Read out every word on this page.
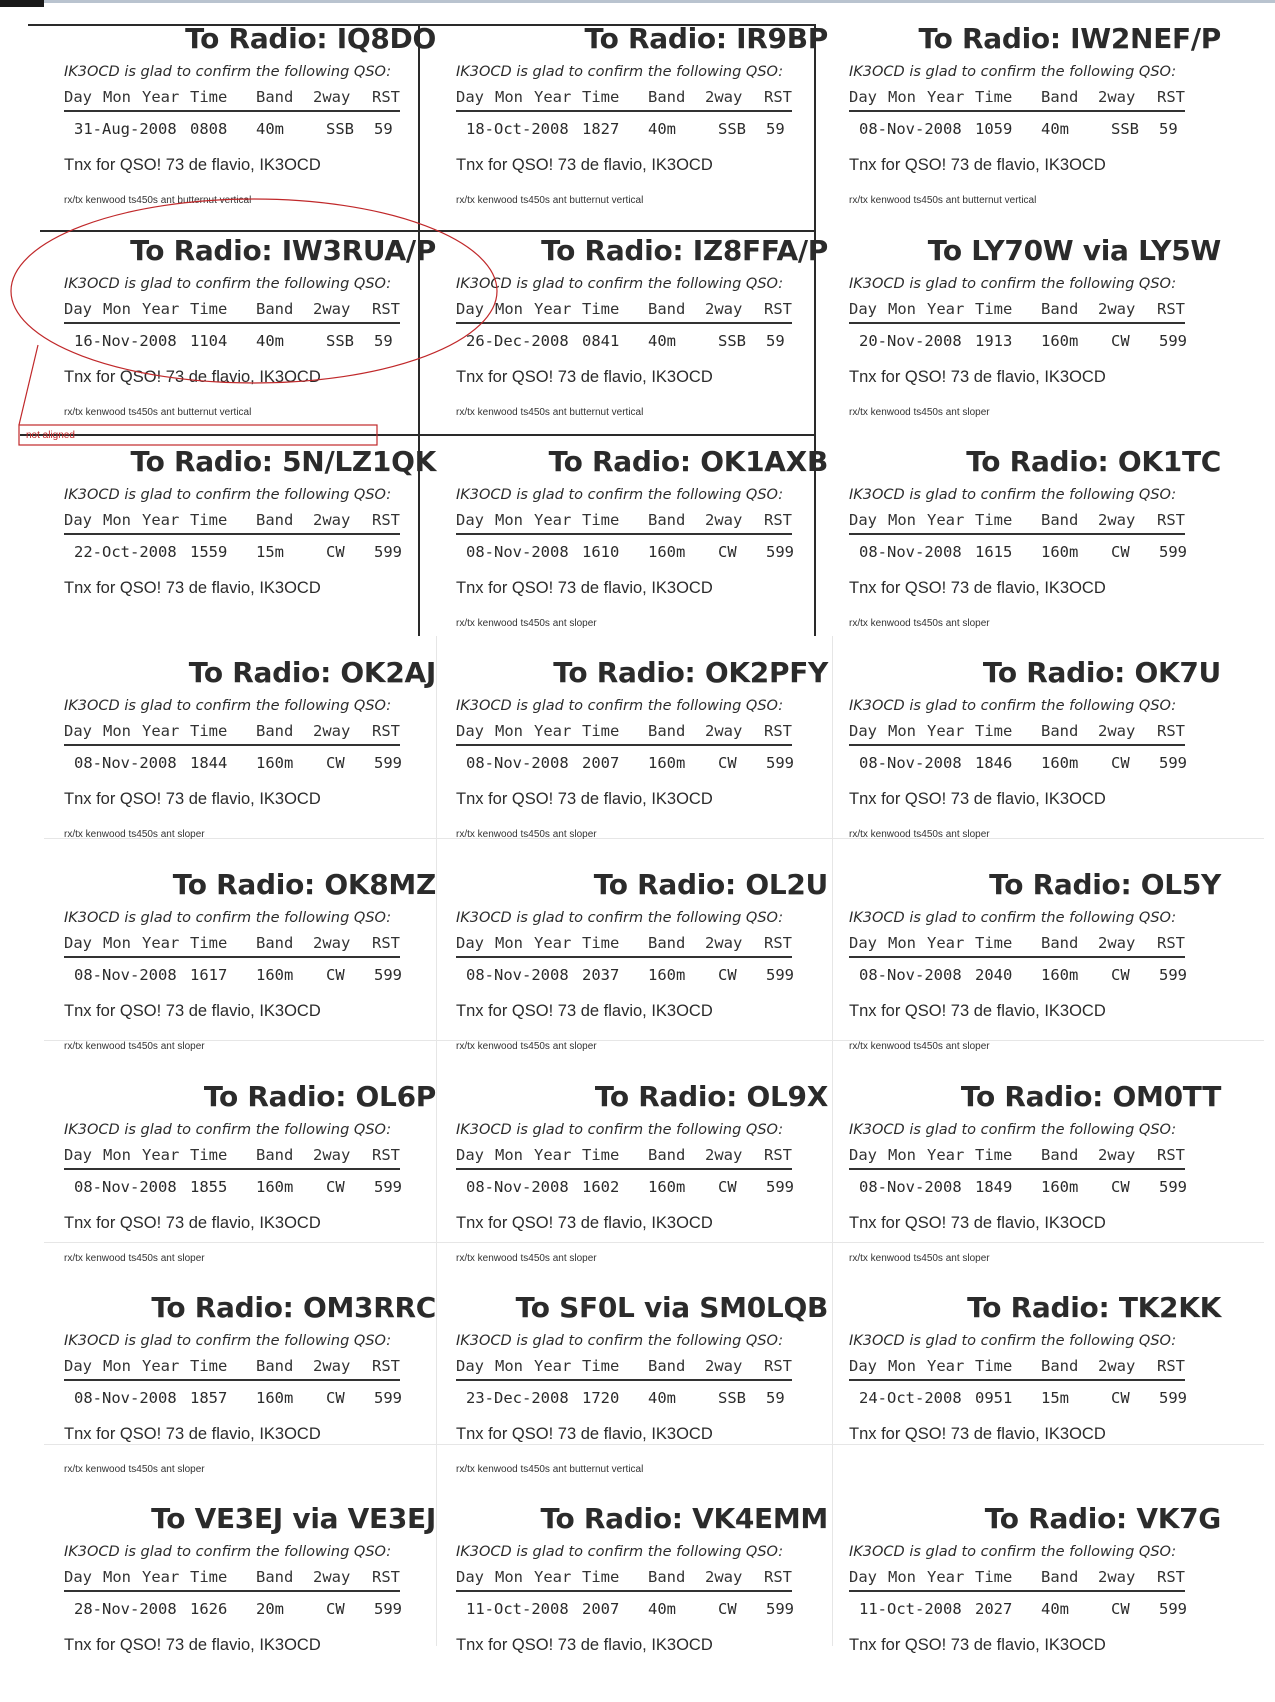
To Radio: IQ8DO
IK3OCD is glad to confirm the following QSO:
Day Mon Year Time Band 2way RST
31-Aug-2008 0808 40m	SSB 59
Tnx for QSO! 73 de flavio, IK3OCD
rx/tx kenwood ts450s ant butternut vertical
To Radio: IR9BP
IK3OCD is glad to confirm the following QSO:
Day Mon Year Time Band 2way RST
18-Oct-2008 1827 40m	SSB 59
Tnx for QSO! 73 de flavio, IK3OCD
rx/tx kenwood ts450s ant butternut vertical
To Radio: IW2NEF/P
IK3OCD is glad to confirm the following QSO:
Day Mon Year Time Band 2way RST
08-Nov-2008 1059 40m	SSB 59
Tnx for QSO! 73 de flavio, IK3OCD
rx/tx kenwood ts450s ant butternut vertical
To Radio: IW3RUA/P
IK3OCD is glad to confirm the following QSO:
Day Mon Year Time Band 2way RST
16-Nov-2008 1104 40m	SSB 59
Tnx for QSO! 73 de flavio, IK3OCD
rx/tx kenwood ts450s ant butternut vertical
To Radio: IZ8FFA/P
IK3OCD is glad to confirm the following QSO:
Day Mon Year Time Band 2way RST
26-Dec-2008 0841 40m	SSB 59
Tnx for QSO! 73 de flavio, IK3OCD
rx/tx kenwood ts450s ant butternut vertical
To LY70W via LY5W
IK3OCD is glad to confirm the following QSO:
Day Mon Year Time Band 2way RST
20-Nov-2008 1913 160m CW 599
Tnx for QSO! 73 de flavio, IK3OCD
rx/tx kenwood ts450s ant sloper
To Radio: 5N/LZ1QK
IK3OCD is glad to confirm the following QSO:
Day Mon Year Time Band 2way RST
22-Oct-2008 1559 15m	CW 599
Tnx for QSO! 73 de flavio, IK3OCD
To Radio: OK1AXB
IK3OCD is glad to confirm the following QSO:
Day Mon Year Time Band 2way RST
08-Nov-2008 1610 160m CW 599
Tnx for QSO! 73 de flavio, IK3OCD
rx/tx kenwood ts450s ant sloper
To Radio: OK1TC
IK3OCD is glad to confirm the following QSO:
Day Mon Year Time Band 2way RST
08-Nov-2008 1615 160m CW 599
Tnx for QSO! 73 de flavio, IK3OCD
rx/tx kenwood ts450s ant sloper
To Radio: OK2AJ
IK3OCD is glad to confirm the following QSO:
Day Mon Year Time Band 2way RST
08-Nov-2008 1844 160m CW 599
Tnx for QSO! 73 de flavio, IK3OCD
rx/tx kenwood ts450s ant sloper
To Radio: OK2PFY
IK3OCD is glad to confirm the following QSO:
Day Mon Year Time Band 2way RST
08-Nov-2008 2007 160m CW 599
Tnx for QSO! 73 de flavio, IK3OCD
rx/tx kenwood ts450s ant sloper
To Radio: OK7U
IK3OCD is glad to confirm the following QSO:
Day Mon Year Time Band 2way RST
08-Nov-2008 1846 160m CW 599
Tnx for QSO! 73 de flavio, IK3OCD
rx/tx kenwood ts450s ant sloper
To Radio: OK8MZ
IK3OCD is glad to confirm the following QSO:
Day Mon Year Time Band 2way RST
08-Nov-2008 1617 160m CW 599
Tnx for QSO! 73 de flavio, IK3OCD
rx/tx kenwood ts450s ant sloper
To Radio: OL2U
IK3OCD is glad to confirm the following QSO:
Day Mon Year Time Band 2way RST
08-Nov-2008 2037 160m CW 599
Tnx for QSO! 73 de flavio, IK3OCD
rx/tx kenwood ts450s ant sloper
To Radio: OL5Y
IK3OCD is glad to confirm the following QSO:
Day Mon Year Time Band 2way RST
08-Nov-2008 2040 160m CW 599
Tnx for QSO! 73 de flavio, IK3OCD
rx/tx kenwood ts450s ant sloper
To Radio: OL6P
IK3OCD is glad to confirm the following QSO:
Day Mon Year Time Band 2way RST
08-Nov-2008 1855 160m CW 599
Tnx for QSO! 73 de flavio, IK3OCD
rx/tx kenwood ts450s ant sloper
To Radio: OL9X
IK3OCD is glad to confirm the following QSO:
Day Mon Year Time Band 2way RST
08-Nov-2008 1602 160m CW 599
Tnx for QSO! 73 de flavio, IK3OCD
rx/tx kenwood ts450s ant sloper
To Radio: OM0TT
IK3OCD is glad to confirm the following QSO:
Day Mon Year Time Band 2way RST
08-Nov-2008 1849 160m CW 599
Tnx for QSO! 73 de flavio, IK3OCD
rx/tx kenwood ts450s ant sloper
To Radio: OM3RRC
IK3OCD is glad to confirm the following QSO:
Day Mon Year Time Band 2way RST
08-Nov-2008 1857 160m CW 599
Tnx for QSO! 73 de flavio, IK3OCD
rx/tx kenwood ts450s ant sloper
To SF0L via SM0LQB
IK3OCD is glad to confirm the following QSO:
Day Mon Year Time Band 2way RST
23-Dec-2008 1720 40m	SSB 59
Tnx for QSO! 73 de flavio, IK3OCD
rx/tx kenwood ts450s ant butternut vertical
To Radio: TK2KK
IK3OCD is glad to confirm the following QSO:
Day Mon Year Time Band 2way RST
24-Oct-2008 0951 15m	CW 599
Tnx for QSO! 73 de flavio, IK3OCD
To VE3EJ via VE3EJ
IK3OCD is glad to confirm the following QSO:
Day Mon Year Time Band 2way RST
28-Nov-2008 1626 20m	CW 599
Tnx for QSO! 73 de flavio, IK3OCD
To Radio: VK4EMM
IK3OCD is glad to confirm the following QSO:
Day Mon Year Time Band 2way RST
11-Oct-2008 2007 40m	CW 599
Tnx for QSO! 73 de flavio, IK3OCD
To Radio: VK7G
IK3OCD is glad to confirm the following QSO:
Day Mon Year Time Band 2way RST
11-Oct-2008 2027 40m	CW 599
Tnx for QSO! 73 de flavio, IK3OCD
not aligned
